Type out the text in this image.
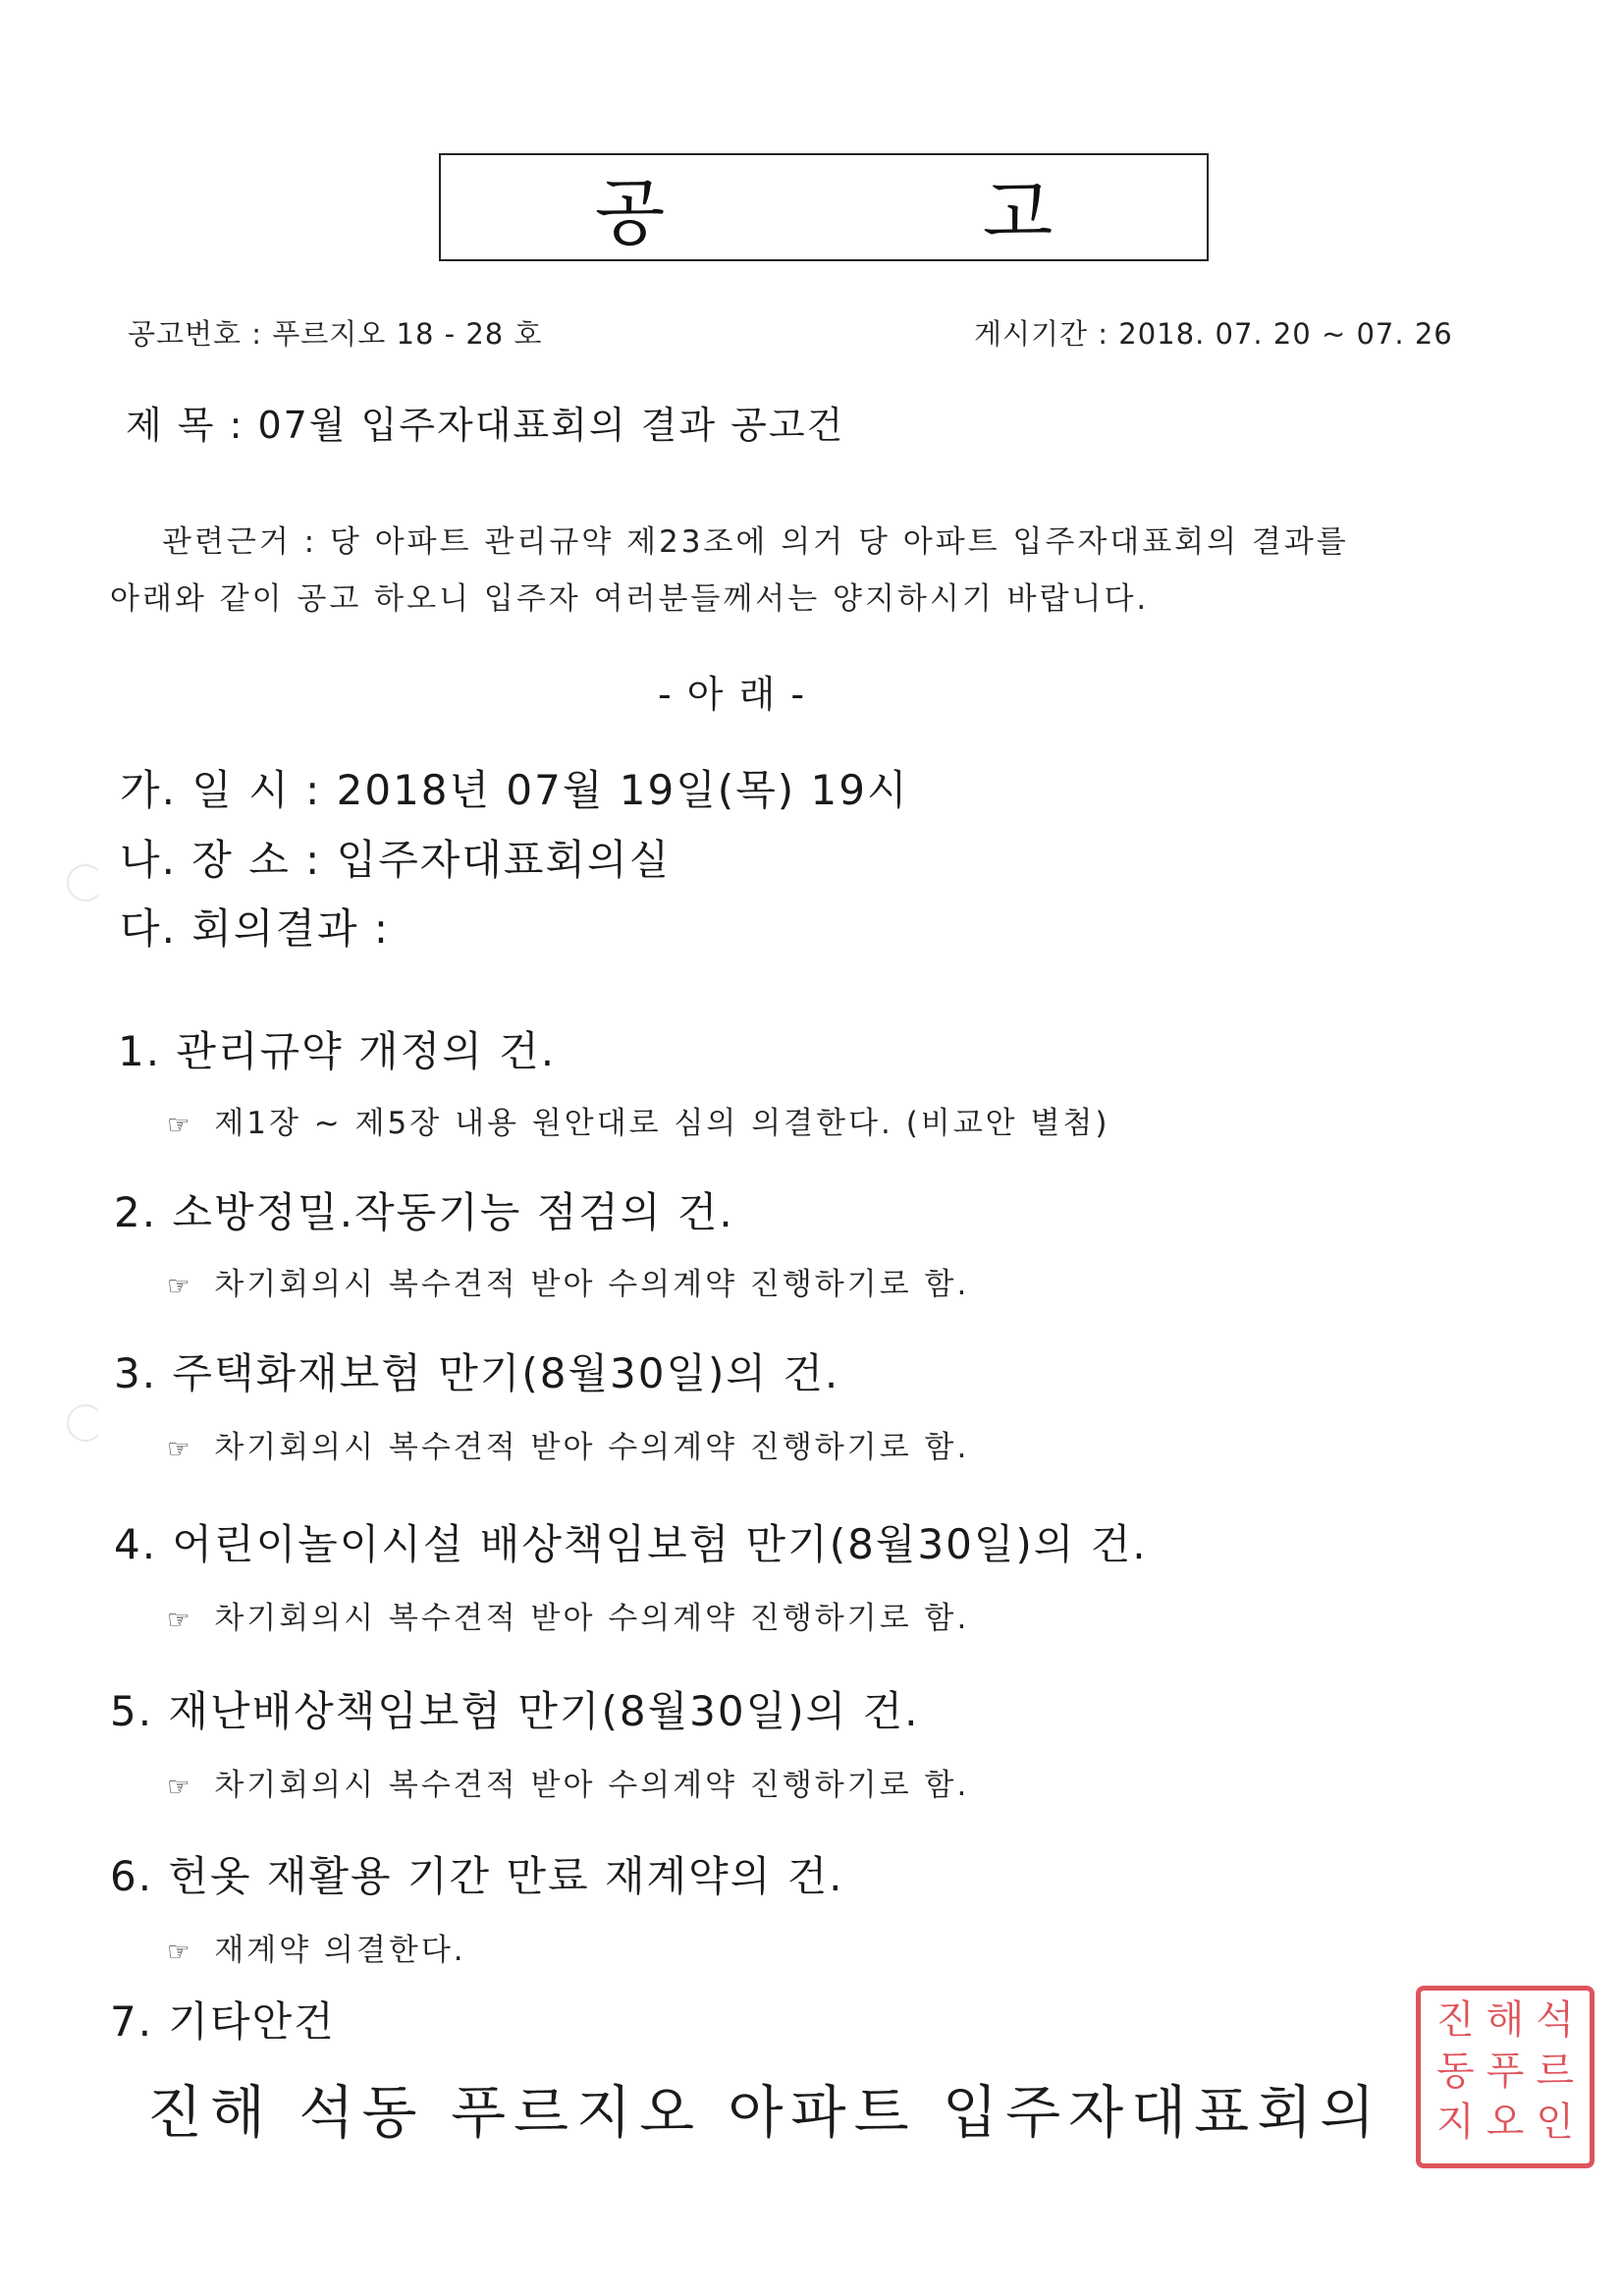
공 고
공고번호 : 푸르지오 18 - 28 호	게시기간 : 2018. 07. 20 ~ 07. 26
제 목 : 07월 입주자대표회의 결과 공고건
관련근거 : 당 아파트 관리규약 제23조에 의거 당 아파트 입주자대표회의 결과를
아래와 같이 공고 하오니 입주자 여러분들께서는 양지하시기 바랍니다.
- 아 래 -
가. 일 시 : 2018년 07월 19일(목) 19시
나. 장 소 : 입주자대표회의실
다. 회의결과 :
1. 관리규약 개정의 건.
☞ 제1장 ~ 제5장 내용 원안대로 심의 의결한다. (비교안 별첨)
2. 소방정밀.작동기능 점검의 건.
☞ 차기회의시 복수견적 받아 수의계약 진행하기로 함.
3. 주택화재보험 만기(8월30일)의 건.
☞ 차기회의시 복수견적 받아 수의계약 진행하기로 함.
4. 어린이놀이시설 배상책임보험 만기(8월30일)의 건.
☞ 차기회의시 복수견적 받아 수의계약 진행하기로 함.
5. 재난배상책임보험 만기(8월30일)의 건.
☞ 차기회의시 복수견적 받아 수의계약 진행하기로 함.
6. 헌옷 재활용 기간 만료 재계약의 건.
☞ 재계약 의결한다.
7. 기타안건
진해 석동 푸르지오 아파트 입주자대표회의
진 해 석
동 푸 르
지 오 인
